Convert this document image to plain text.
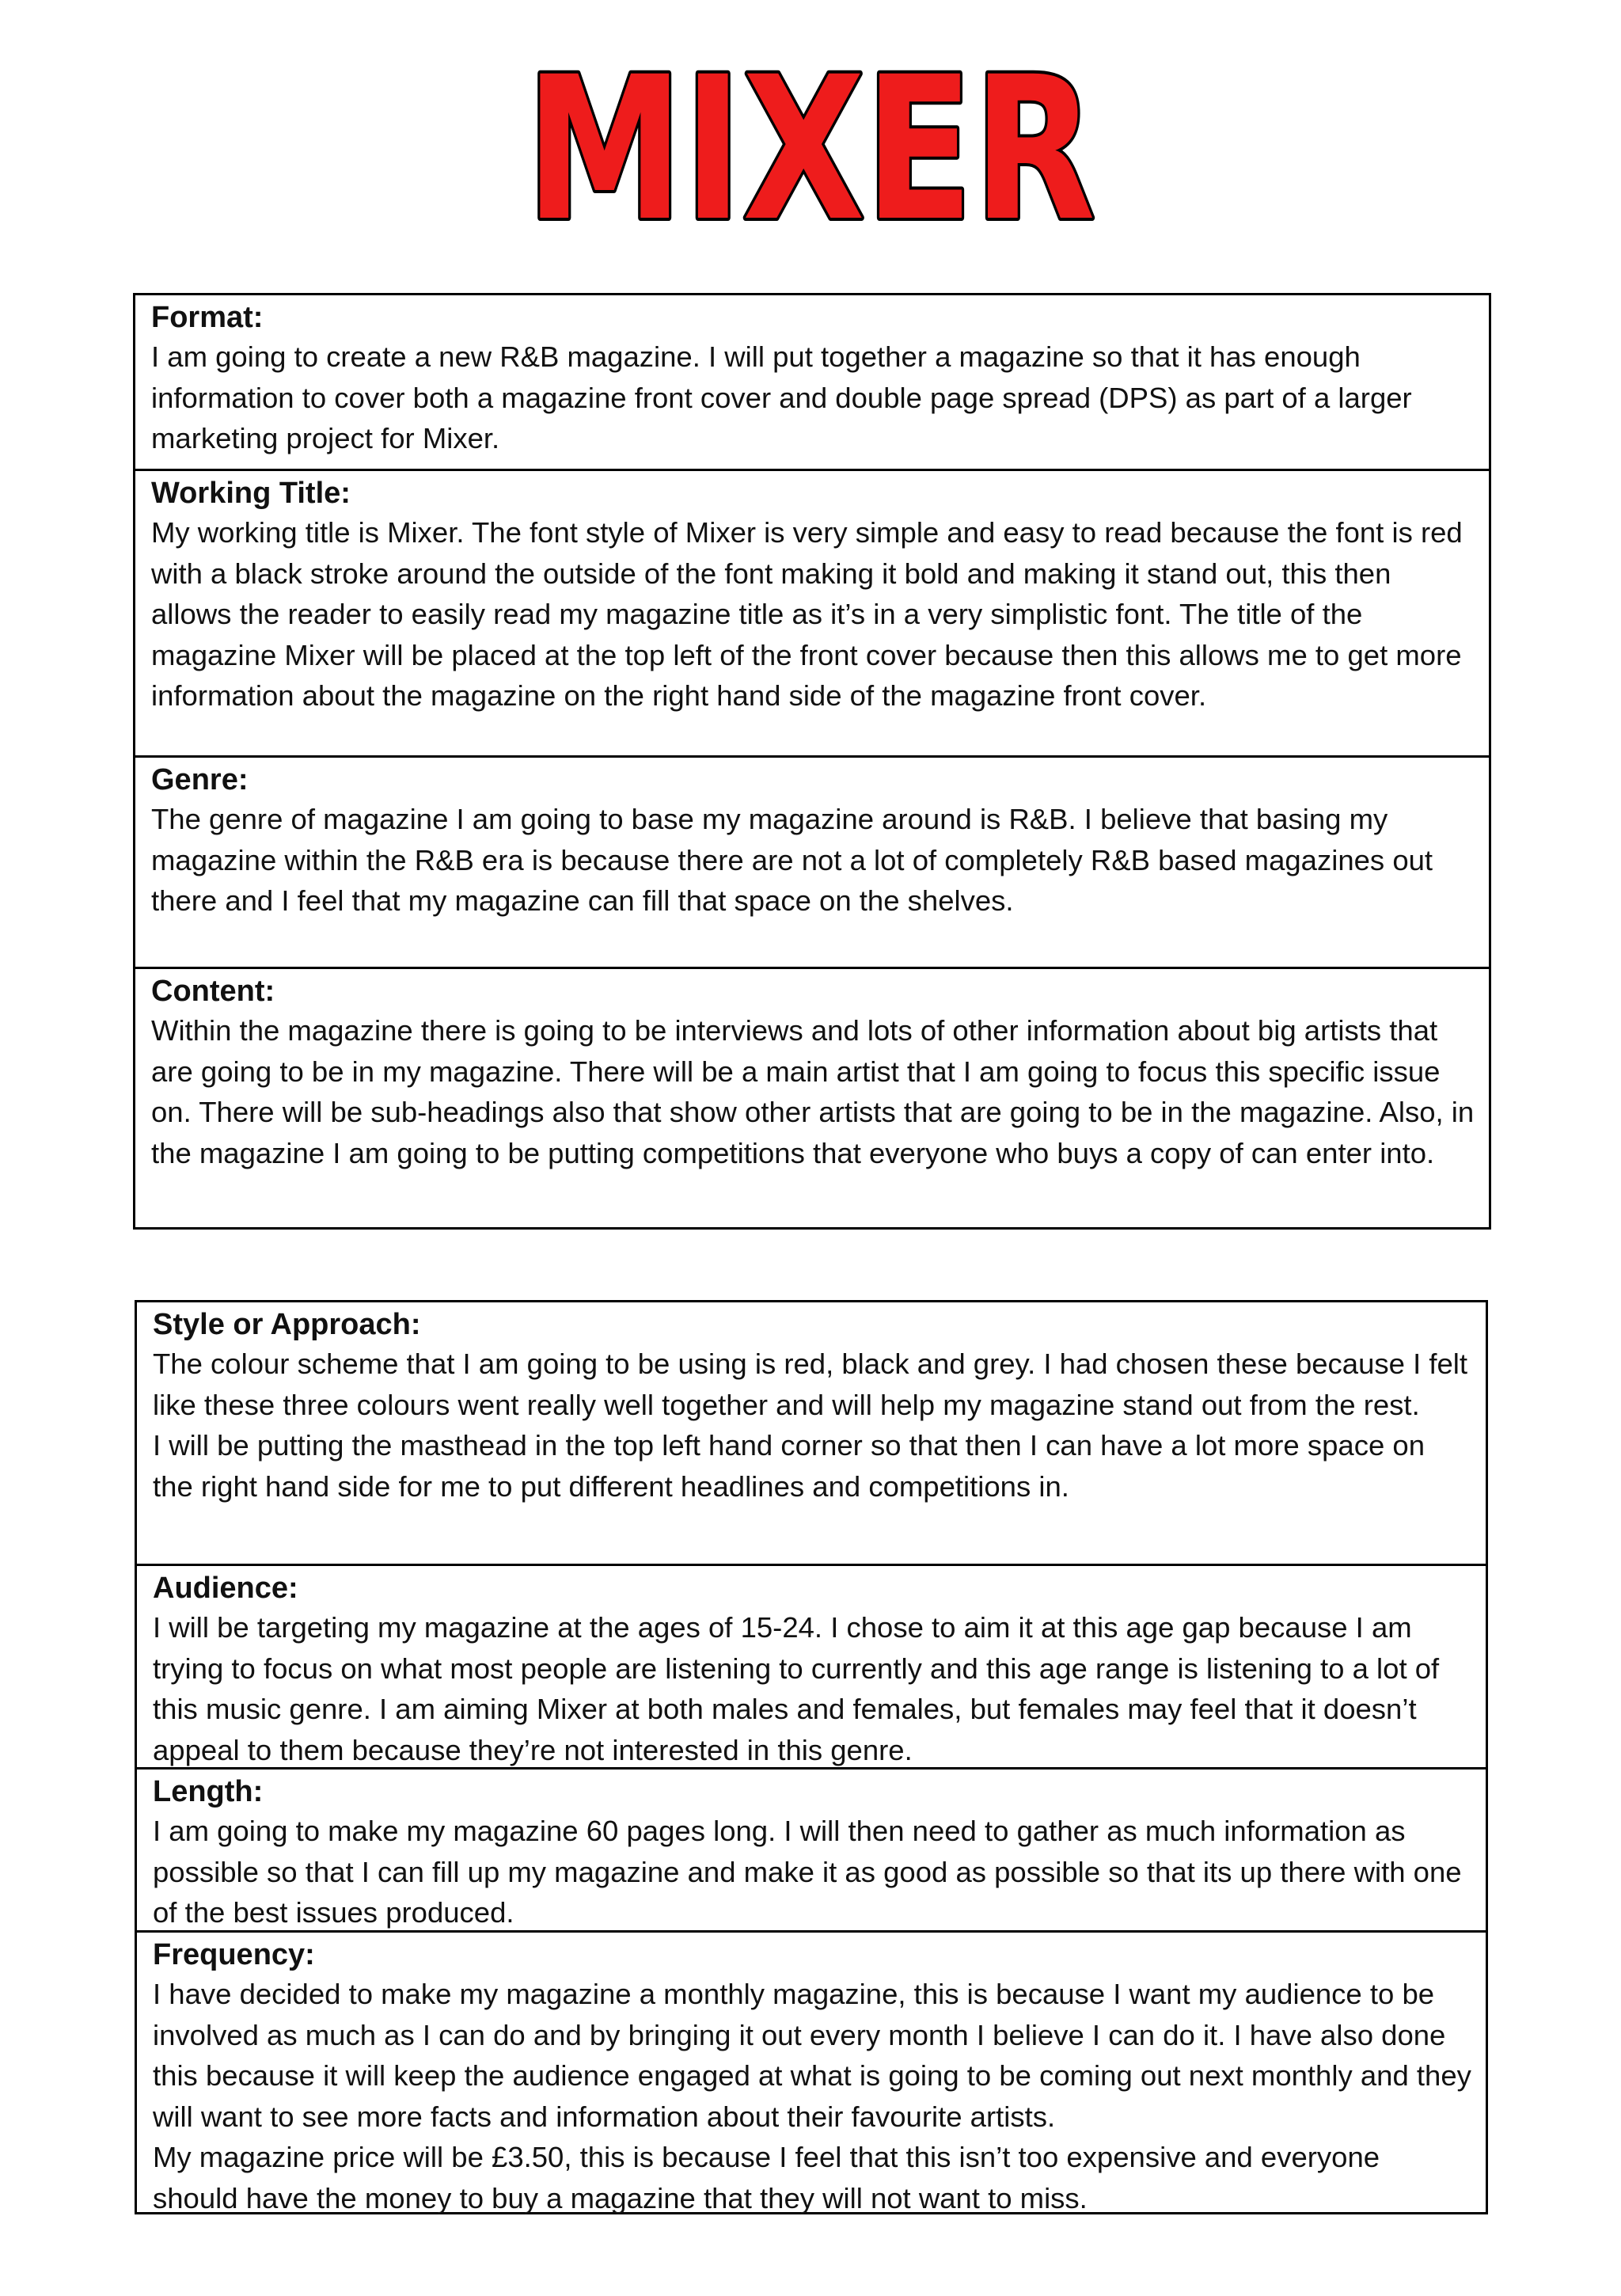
MIXER
Format:

I am going to create a new R&B magazine. I will put together a magazine so that it has enough information to cover both a magazine front cover and double page spread (DPS) as part of a larger marketing project for Mixer.

Working Title:

My working title is Mixer. The font style of Mixer is very simple and easy to read because the font is red with a black stroke around the outside of the font making it bold and making it stand out, this then allows the reader to easily read my magazine title as it’s in a very simplistic font. The title of the magazine Mixer will be placed at the top left of the front cover because then this allows me to get more information about the magazine on the right hand side of the magazine front cover.

Genre:

The genre of magazine I am going to base my magazine around is R&B. I believe that basing my magazine within the R&B era is because there are not a lot of completely R&B based magazines out there and I feel that my magazine can fill that space on the shelves.

Content:

Within the magazine there is going to be interviews and lots of other information about big artists that are going to be in my magazine. There will be a main artist that I am going to focus this specific issue on. There will be sub-headings also that show other artists that are going to be in the magazine. Also, in the magazine I am going to be putting competitions that everyone who buys a copy of can enter into.

Style or Approach:

The colour scheme that I am going to be using is red, black and grey. I had chosen these because I felt like these three colours went really well together and will help my magazine stand out from the rest.
I will be putting the masthead in the top left hand corner so that then I can have a lot more space on the right hand side for me to put different headlines and competitions in.

Audience:

I will be targeting my magazine at the ages of 15-24. I chose to aim it at this age gap because I am trying to focus on what most people are listening to currently and this age range is listening to a lot of this music genre. I am aiming Mixer at both males and females, but females may feel that it doesn’t appeal to them because they’re not interested in this genre.

Length:

I am going to make my magazine 60 pages long. I will then need to gather as much information as possible so that I can fill up my magazine and make it as good as possible so that its up there with one of the best issues produced.

Frequency:

I have decided to make my magazine a monthly magazine, this is because I want my audience to be involved as much as I can do and by bringing it out every month I believe I can do it. I have also done this because it will keep the audience engaged at what is going to be coming out next monthly and they will want to see more facts and information about their favourite artists.
My magazine price will be £3.50, this is because I feel that this isn’t too expensive and everyone should have the money to buy a magazine that they will not want to miss.
